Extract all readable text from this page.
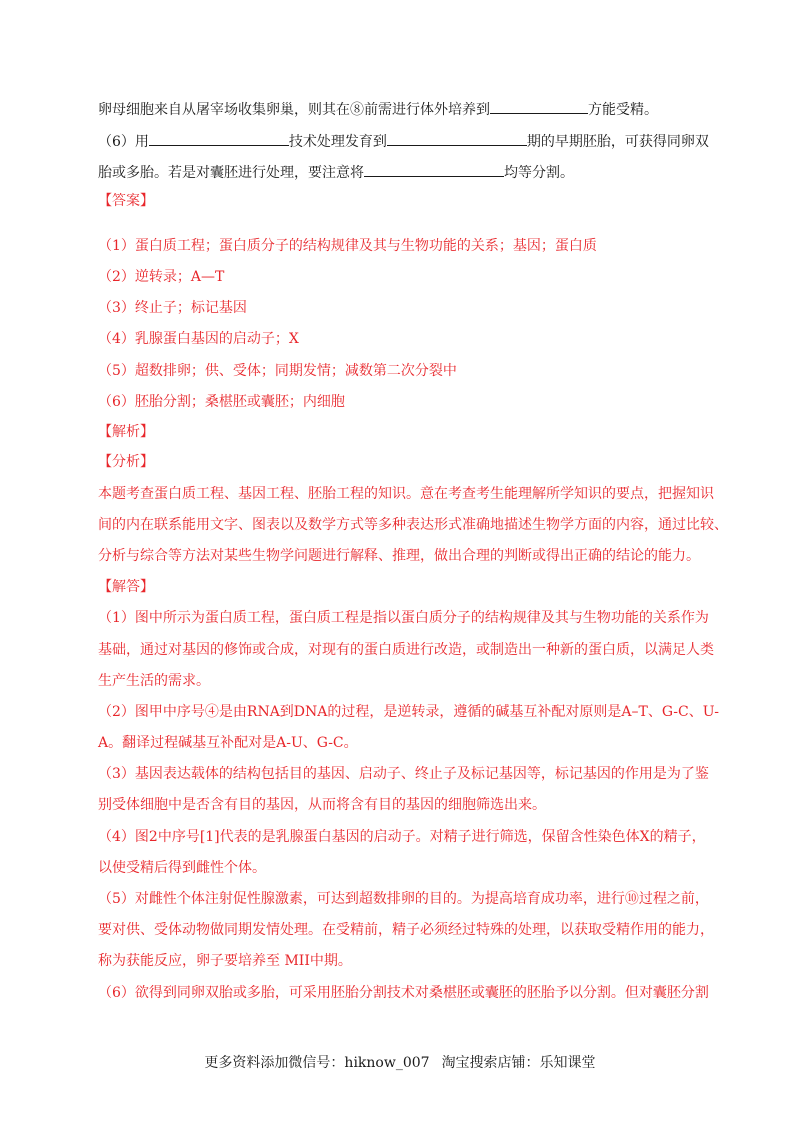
卵母细胞来自从屠宰场收集卵巢，则其在⑧前需进行体外培养到	方能受精。
（6）用	技术处理发育到	期的早期胚胎，可获得同卵双
胎或多胎。若是对囊胚进行处理，要注意将	均等分割。
【答案】
（1）蛋白质工程；蛋白质分子的结构规律及其与生物功能的关系；基因；蛋白质
（2）逆转录；A—T
（3）终止子；标记基因
（4）乳腺蛋白基因的启动子；X
（5）超数排卵；供、受体；同期发情；减数第二次分裂中
（6）胚胎分割；桑椹胚或囊胚；内细胞
【解析】
【分析】
本题考查蛋白质工程、基因工程、胚胎工程的知识。意在考查考生能理解所学知识的要点，把握知识
间的内在联系能用文字、图表以及数学方式等多种表达形式准确地描述生物学方面的内容，通过比较、
分析与综合等方法对某些生物学问题进行解释、推理，做出合理的判断或得出正确的结论的能力。
【解答】
（1）图中所示为蛋白质工程，蛋白质工程是指以蛋白质分子的结构规律及其与生物功能的关系作为
基础，通过对基因的修饰或合成，对现有的蛋白质进行改造，或制造出一种新的蛋白质，以满足人类
生产生活的需求。
（2）图甲中序号④是由RNA到DNA的过程，是逆转录，遵循的碱基互补配对原则是A–T、G-C、U-
A。翻译过程碱基互补配对是A-U、G-C。
（3）基因表达载体的结构包括目的基因、启动子、终止子及标记基因等，标记基因的作用是为了鉴
别受体细胞中是否含有目的基因，从而将含有目的基因的细胞筛选出来。
（4）图2中序号[1]代表的是乳腺蛋白基因的启动子。对精子进行筛选，保留含性染色体X的精子，
以使受精后得到雌性个体。
（5）对雌性个体注射促性腺激素，可达到超数排卵的目的。为提高培育成功率，进行⑩过程之前，
要对供、受体动物做同期发情处理。在受精前，精子必须经过特殊的处理，以获取受精作用的能力，
称为获能反应，卵子要培养至 MII中期。
（6）欲得到同卵双胎或多胎，可采用胚胎分割技术对桑椹胚或囊胚的胚胎予以分割。但对囊胚分割
更多资料添加微信号：hiknow_007 淘宝搜索店铺：乐知课堂
